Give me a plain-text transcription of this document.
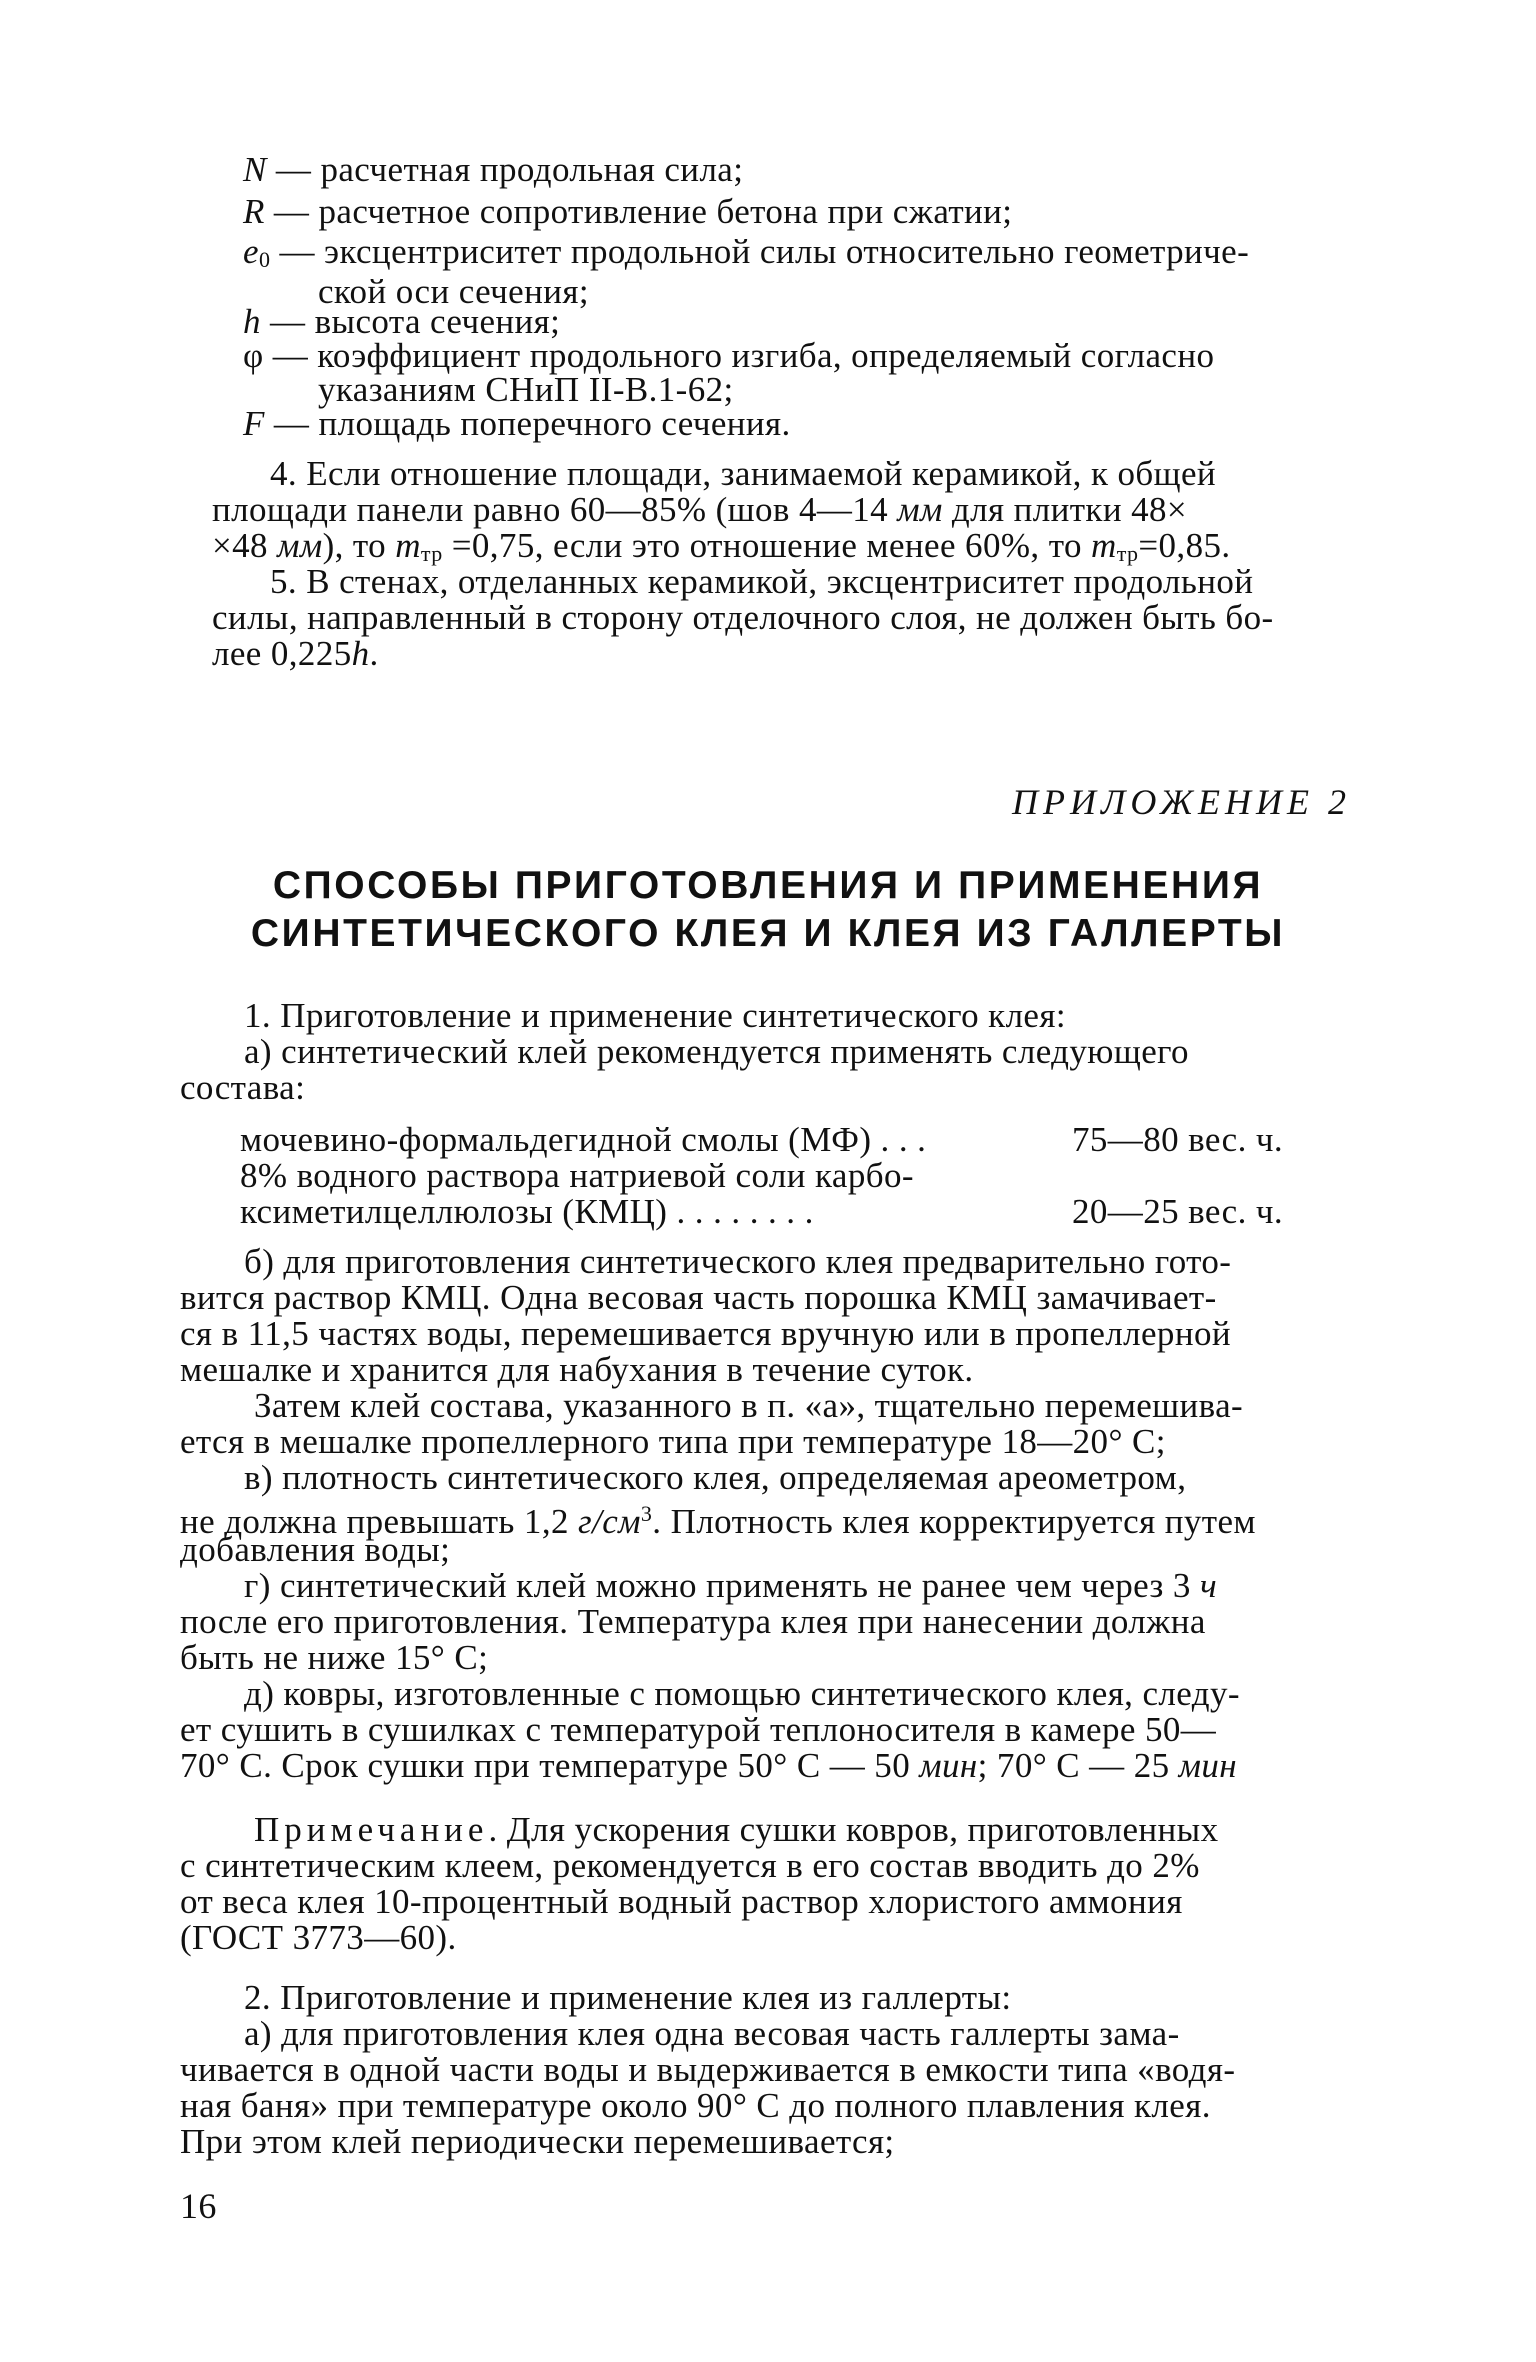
N — расчетная продольная сила;
R — расчетное сопротивление бетона при сжатии;
$e_0$ — эксцентриситет продольной силы относительно геометриче-
ской оси сечения;
h — высота сечения;
φ — коэффициент продольного изгиба, определяемый согласно
указаниям СНиП II-В.1-62;
F — площадь поперечного сечения.
4. Если отношение площади, занимаемой керамикой, к общей
площади панели равно 60—85% (шов 4—14 мм для плитки 48×
×48 мм), то $m_{тр} =0,75$, если это отношение менее 60%, то $m_{тр}=0,85$.
5. В стенах, отделанных керамикой, эксцентриситет продольной
силы, направленный в сторону отделочного слоя, не должен быть бо-
лее 0,225h.
ПРИЛОЖЕНИЕ 2
СПОСОБЫ ПРИГОТОВЛЕНИЯ И ПРИМЕНЕНИЯ
СИНТЕТИЧЕСКОГО КЛЕЯ И КЛЕЯ ИЗ ГАЛЛЕРТЫ
1. Приготовление и применение синтетического клея:
а) синтетический клей рекомендуется применять следующего
состава:
мочевино-формальдегидной смолы (МФ) . . .	75—80 вес. ч.
8% водного раствора натриевой соли карбо-
ксиметилцеллюлозы (КМЦ) . . . . . . . .	20—25 вес. ч.
б) для приготовления синтетического клея предварительно гото-
вится раствор КМЦ. Одна весовая часть порошка КМЦ замачивает-
ся в 11,5 частях воды, перемешивается вручную или в пропеллерной
мешалке и хранится для набухания в течение суток.
Затем клей состава, указанного в п. «а», тщательно перемешива-
ется в мешалке пропеллерного типа при температуре 18—20° С;
в) плотность синтетического клея, определяемая ареометром,
не должна превышать 1,2 $г/см^3$. Плотность клея корректируется путем
добавления воды;
г) синтетический клей можно применять не ранее чем через 3 ч
после его приготовления. Температура клея при нанесении должна
быть не ниже 15° С;
д) ковры, изготовленные с помощью синтетического клея, следу-
ет сушить в сушилках с температурой теплоносителя в камере 50—
70° С. Срок сушки при температуре 50° С — 50 мин; 70° С — 25 мин
Примечание. Для ускорения сушки ковров, приготовленных
с синтетическим клеем, рекомендуется в его состав вводить до 2%
от веса клея 10-процентный водный раствор хлористого аммония
(ГОСТ 3773—60).
2. Приготовление и применение клея из галлерты:
а) для приготовления клея одна весовая часть галлерты зама-
чивается в одной части воды и выдерживается в емкости типа «водя-
ная баня» при температуре около 90° С до полного плавления клея.
При этом клей периодически перемешивается;
16
